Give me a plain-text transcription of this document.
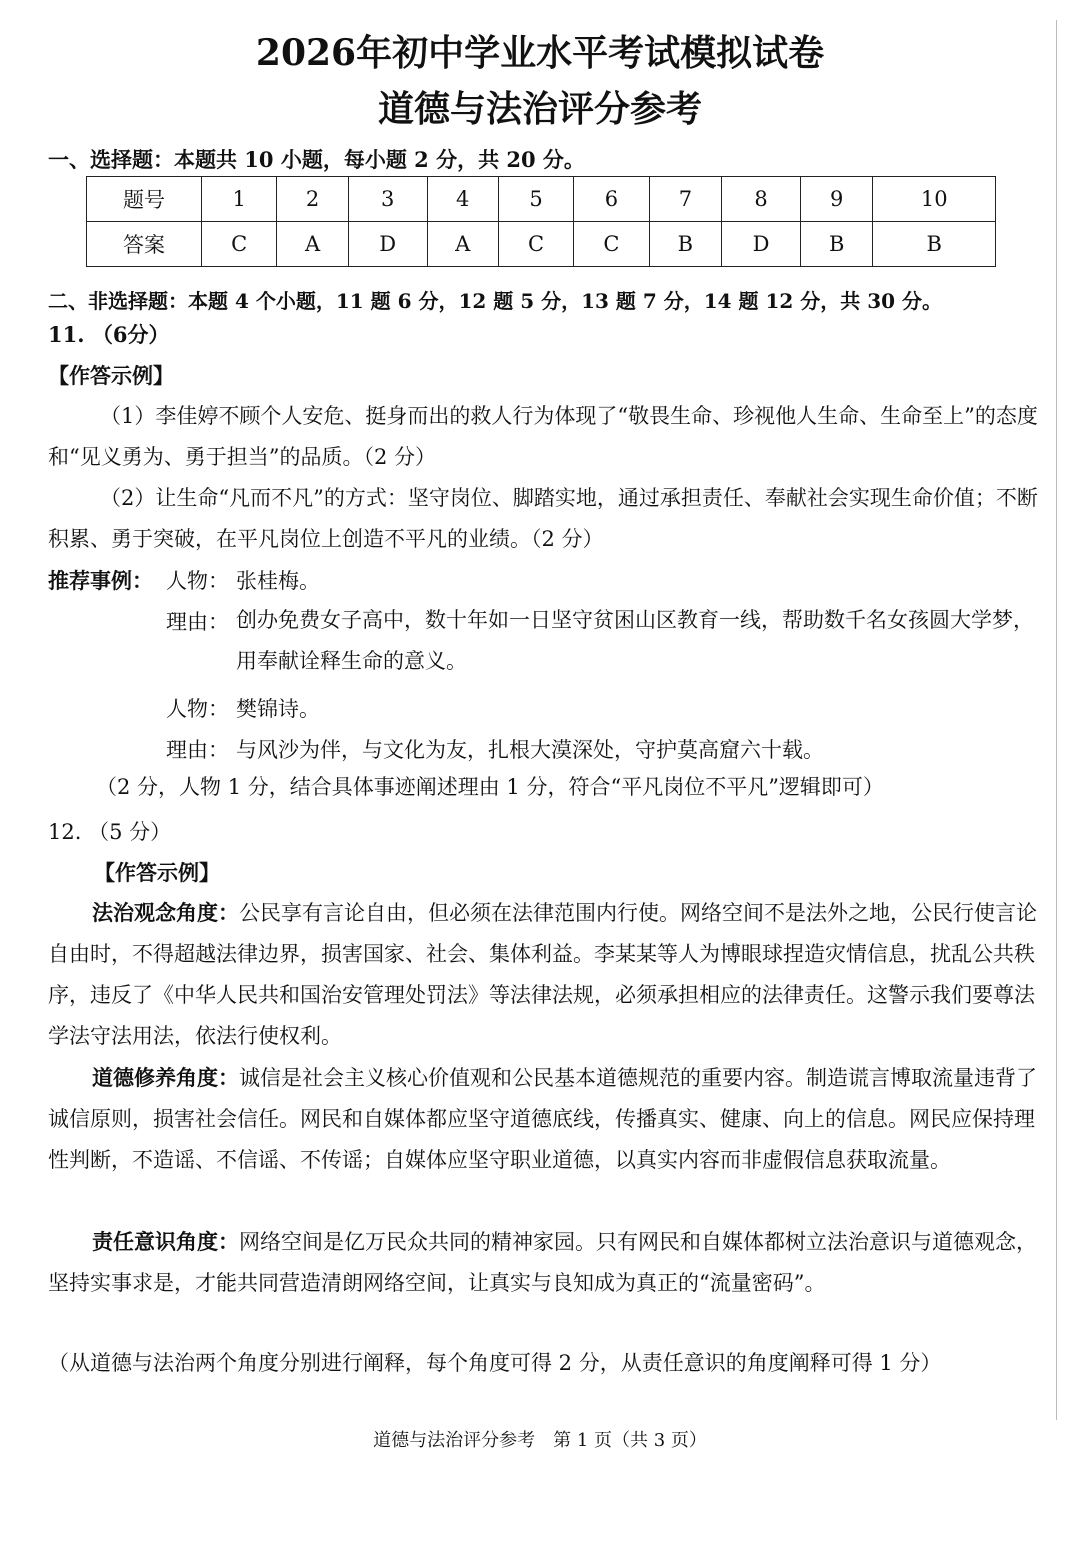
2026年初中学业水平考试模拟试卷
道德与法治评分参考
一、选择题：本题共 10 小题，每小题 2 分，共 20 分。
题号	1	2	3	4	5	6	7	8	9	10
答案	C	A	D	A	C	C	B	D	B	B
二、非选择题：本题 4 个小题，11 题 6 分，12 题 5 分，13 题 7 分，14 题 12 分，共 30 分。
11. （6分）
【作答示例】
（1）李佳婷不顾个人安危、挺身而出的救人行为体现了“敬畏生命、珍视他人生命、生命至上”的态度和“见义勇为、勇于担当”的品质。（2 分）
（2）让生命“凡而不凡”的方式：坚守岗位、脚踏实地，通过承担责任、奉献社会实现生命价值；不断积累、勇于突破，在平凡岗位上创造不平凡的业绩。（2 分）
推荐事例： 人物： 张桂梅。
理由： 创办免费女子高中，数十年如一日坚守贫困山区教育一线，帮助数千名女孩圆大学梦，用奉献诠释生命的意义。
人物： 樊锦诗。
理由： 与风沙为伴，与文化为友，扎根大漠深处，守护莫高窟六十载。
（2 分，人物 1 分，结合具体事迹阐述理由 1 分，符合“平凡岗位不平凡”逻辑即可）
12. （5 分）
【作答示例】
法治观念角度：公民享有言论自由，但必须在法律范围内行使。网络空间不是法外之地，公民行使言论自由时，不得超越法律边界，损害国家、社会、集体利益。李某某等人为博眼球捏造灾情信息，扰乱公共秩序，违反了《中华人民共和国治安管理处罚法》等法律法规，必须承担相应的法律责任。这警示我们要尊法学法守法用法，依法行使权利。
道德修养角度：诚信是社会主义核心价值观和公民基本道德规范的重要内容。制造谎言博取流量违背了诚信原则，损害社会信任。网民和自媒体都应坚守道德底线，传播真实、健康、向上的信息。网民应保持理性判断，不造谣、不信谣、不传谣；自媒体应坚守职业道德，以真实内容而非虚假信息获取流量。
责任意识角度：网络空间是亿万民众共同的精神家园。只有网民和自媒体都树立法治意识与道德观念，坚持实事求是，才能共同营造清朗网络空间，让真实与良知成为真正的“流量密码”。
（从道德与法治两个角度分别进行阐释，每个角度可得 2 分，从责任意识的角度阐释可得 1 分）
道德与法治评分参考　第 1 页（共 3 页）
